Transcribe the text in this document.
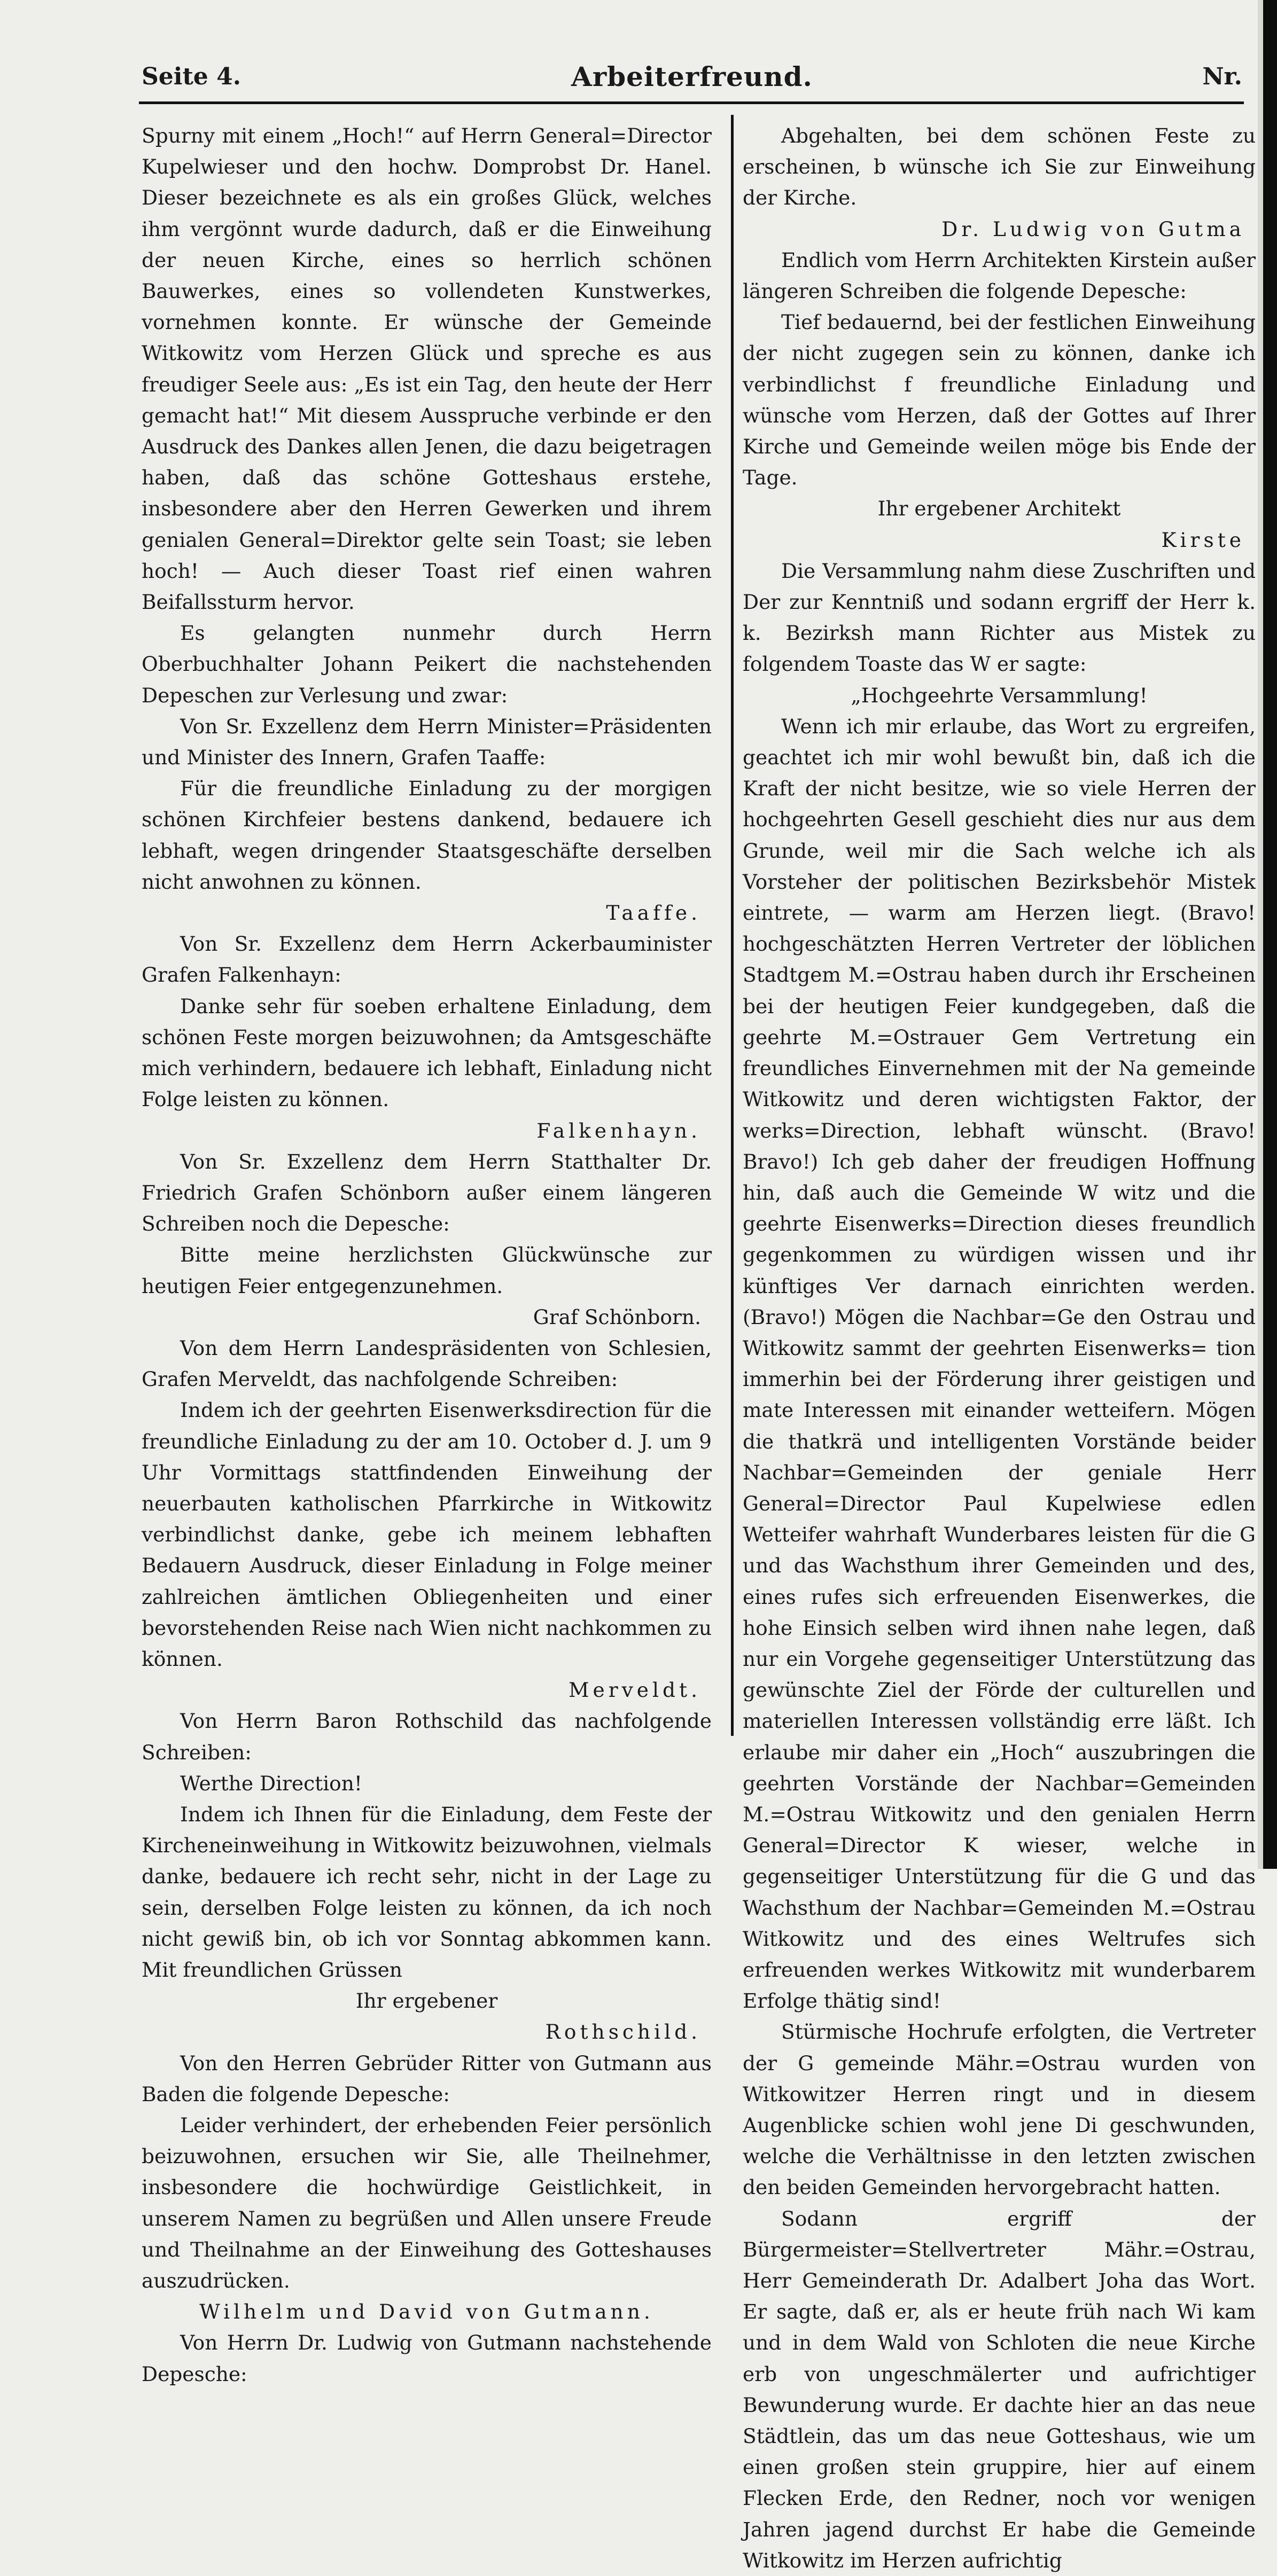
Seite 4.	Arbeiterfreund.	Nr.

Spurny mit einem „Hoch!“ auf Herrn General=Director Kupelwieser und den hochw. Domprobst Dr. Hanel. Dieser bezeichnete es als ein großes Glück, welches ihm vergönnt wurde dadurch, daß er die Einweihung der neuen Kirche, eines so herrlich schönen Bauwerkes, eines so vollendeten Kunstwerkes, vornehmen konnte. Er wünsche der Gemeinde Witkowitz vom Herzen Glück und spreche es aus freudiger Seele aus: „Es ist ein Tag, den heute der Herr gemacht hat!“ Mit diesem Ausspruche verbinde er den Ausdruck des Dankes allen Jenen, die dazu beigetragen haben, daß das schöne Gotteshaus erstehe, insbesondere aber den Herren Gewerken und ihrem genialen General=Direktor gelte sein Toast; sie leben hoch! — Auch dieser Toast rief einen wahren Beifallssturm hervor.

Es gelangten nunmehr durch Herrn Oberbuchhalter Johann Peikert die nachstehenden Depeschen zur Verlesung und zwar:

Von Sr. Exzellenz dem Herrn Minister=Präsidenten und Minister des Innern, Grafen Taaffe:

Für die freundliche Einladung zu der morgigen schönen Kirchfeier bestens dankend, bedauere ich lebhaft, wegen dringender Staatsgeschäfte derselben nicht anwohnen zu können.

Taaffe.

Von Sr. Exzellenz dem Herrn Ackerbauminister Grafen Falkenhayn:

Danke sehr für soeben erhaltene Einladung, dem schönen Feste morgen beizuwohnen; da Amtsgeschäfte mich verhindern, bedauere ich lebhaft, Einladung nicht Folge leisten zu können.

Falkenhayn.

Von Sr. Exzellenz dem Herrn Statthalter Dr. Friedrich Grafen Schönborn außer einem längeren Schreiben noch die Depesche:

Bitte meine herzlichsten Glückwünsche zur heutigen Feier entgegenzunehmen.

Graf Schönborn.

Von dem Herrn Landespräsidenten von Schlesien, Grafen Merveldt, das nachfolgende Schreiben:

Indem ich der geehrten Eisenwerksdirection für die freundliche Einladung zu der am 10. October d. J. um 9 Uhr Vormittags stattfindenden Einweihung der neuerbauten katholischen Pfarrkirche in Witkowitz verbindlichst danke, gebe ich meinem lebhaften Bedauern Ausdruck, dieser Einladung in Folge meiner zahlreichen ämtlichen Obliegenheiten und einer bevorstehenden Reise nach Wien nicht nachkommen zu können.

Merveldt.

Von Herrn Baron Rothschild das nachfolgende Schreiben:

Werthe Direction!

Indem ich Ihnen für die Einladung, dem Feste der Kircheneinweihung in Witkowitz beizuwohnen, vielmals danke, bedauere ich recht sehr, nicht in der Lage zu sein, derselben Folge leisten zu können, da ich noch nicht gewiß bin, ob ich vor Sonntag abkommen kann. Mit freundlichen Grüssen

Ihr ergebener

Rothschild.

Von den Herren Gebrüder Ritter von Gutmann aus Baden die folgende Depesche:

Leider verhindert, der erhebenden Feier persönlich beizuwohnen, ersuchen wir Sie, alle Theilnehmer, insbesondere die hochwürdige Geistlichkeit, in unserem Namen zu begrüßen und Allen unsere Freude und Theilnahme an der Einweihung des Gotteshauses auszudrücken.

Wilhelm und David von Gutmann.

Von Herrn Dr. Ludwig von Gutmann nachstehende Depesche:

Abgehalten, bei dem schönen Feste zu erscheinen, b wünsche ich Sie zur Einweihung der Kirche.

Dr. Ludwig von Gutma

Endlich vom Herrn Architekten Kirstein außer längeren Schreiben die folgende Depesche:

Tief bedauernd, bei der festlichen Einweihung der nicht zugegen sein zu können, danke ich verbindlichst f freundliche Einladung und wünsche vom Herzen, daß der Gottes auf Ihrer Kirche und Gemeinde weilen möge bis Ende der Tage.

Ihr ergebener Architekt

Kirste

Die Versammlung nahm diese Zuschriften und Der zur Kenntniß und sodann ergriff der Herr k. k. Bezirksh mann Richter aus Mistek zu folgendem Toaste das W er sagte:

„Hochgeehrte Versammlung!

Wenn ich mir erlaube, das Wort zu ergreifen, geachtet ich mir wohl bewußt bin, daß ich die Kraft der nicht besitze, wie so viele Herren der hochgeehrten Gesell geschieht dies nur aus dem Grunde, weil mir die Sach welche ich als Vorsteher der politischen Bezirksbehör Mistek eintrete, — warm am Herzen liegt. (Bravo! hochgeschätzten Herren Vertreter der löblichen Stadtgem M.=Ostrau haben durch ihr Erscheinen bei der heutigen Feier kundgegeben, daß die geehrte M.=Ostrauer Gem Vertretung ein freundliches Einvernehmen mit der Na gemeinde Witkowitz und deren wichtigsten Faktor, der werks=Direction, lebhaft wünscht. (Bravo! Bravo!) Ich geb daher der freudigen Hoffnung hin, daß auch die Gemeinde W witz und die geehrte Eisenwerks=Direction dieses freundlich gegenkommen zu würdigen wissen und ihr künftiges Ver darnach einrichten werden. (Bravo!) Mögen die Nachbar=Ge den Ostrau und Witkowitz sammt der geehrten Eisenwerks= tion immerhin bei der Förderung ihrer geistigen und mate Interessen mit einander wetteifern. Mögen die thatkrä und intelligenten Vorstände beider Nachbar=Gemeinden der geniale Herr General=Director Paul Kupelwiese edlen Wetteifer wahrhaft Wunderbares leisten für die G und das Wachsthum ihrer Gemeinden und des, eines rufes sich erfreuenden Eisenwerkes, die hohe Einsich selben wird ihnen nahe legen, daß nur ein Vorgehe gegenseitiger Unterstützung das gewünschte Ziel der Förde der culturellen und materiellen Interessen vollständig erre läßt. Ich erlaube mir daher ein „Hoch“ auszubringen die geehrten Vorstände der Nachbar=Gemeinden M.=Ostrau Witkowitz und den genialen Herrn General=Director K wieser, welche in gegenseitiger Unterstützung für die G und das Wachsthum der Nachbar=Gemeinden M.=Ostrau Witkowitz und des eines Weltrufes sich erfreuenden werkes Witkowitz mit wunderbarem Erfolge thätig sind!

Stürmische Hochrufe erfolgten, die Vertreter der G gemeinde Mähr.=Ostrau wurden von Witkowitzer Herren ringt und in diesem Augenblicke schien wohl jene Di geschwunden, welche die Verhältnisse in den letzten zwischen den beiden Gemeinden hervorgebracht hatten.

Sodann ergriff der Bürgermeister=Stellvertreter Mähr.=Ostrau, Herr Gemeinderath Dr. Adalbert Joha das Wort. Er sagte, daß er, als er heute früh nach Wi kam und in dem Wald von Schloten die neue Kirche erb von ungeschmälerter und aufrichtiger Bewunderung wurde. Er dachte hier an das neue Städtlein, das um das neue Gotteshaus, wie um einen großen stein gruppire, hier auf einem Flecken Erde, den Redner, noch vor wenigen Jahren jagend durchst Er habe die Gemeinde Witkowitz im Herzen aufrichtig
